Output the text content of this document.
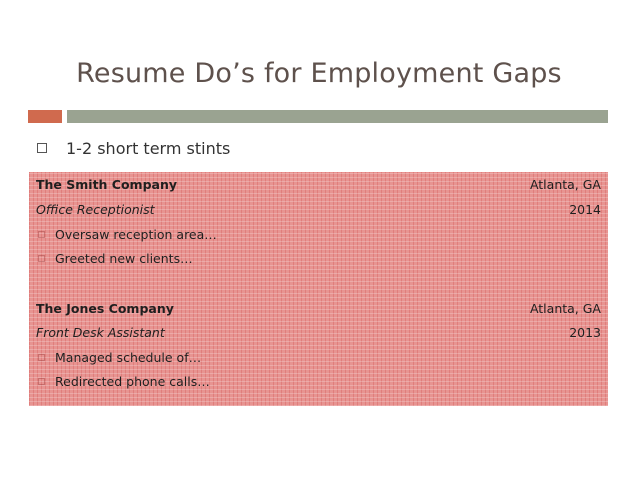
Resume Do’s for Employment Gaps
1-2 short term stints
The Smith Company	Atlanta, GA
Office Receptionist	2014
Oversaw reception area…
Greeted new clients…
The Jones Company	Atlanta, GA
Front Desk Assistant	2013
Managed schedule of…
Redirected phone calls…
